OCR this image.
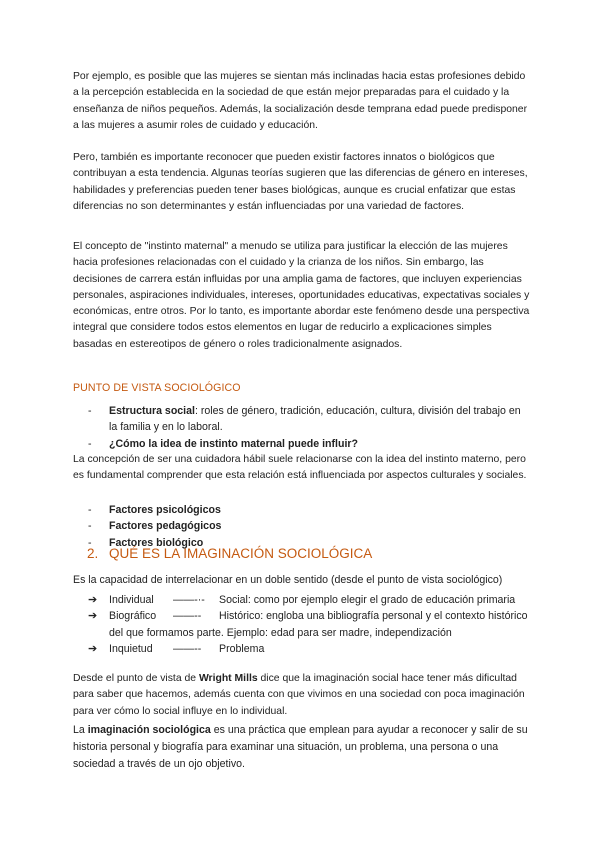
Por ejemplo, es posible que las mujeres se sientan más inclinadas hacia estas profesiones debido a la percepción establecida en la sociedad de que están mejor preparadas para el cuidado y la enseñanza de niños pequeños. Además, la socialización desde temprana edad puede predisponer a las mujeres a asumir roles de cuidado y educación.

Pero, también es importante reconocer que pueden existir factores innatos o biológicos que contribuyan a esta tendencia. Algunas teorías sugieren que las diferencias de género en intereses, habilidades y preferencias pueden tener bases biológicas, aunque es crucial enfatizar que estas diferencias no son determinantes y están influenciadas por una variedad de factores.

El concepto de "instinto maternal" a menudo se utiliza para justificar la elección de las mujeres hacia profesiones relacionadas con el cuidado y la crianza de los niños. Sin embargo, las decisiones de carrera están influidas por una amplia gama de factores, que incluyen experiencias personales, aspiraciones individuales, intereses, oportunidades educativas, expectativas sociales y económicas, entre otros. Por lo tanto, es importante abordar este fenómeno desde una perspectiva integral que considere todos estos elementos en lugar de reducirlo a explicaciones simples basadas en estereotipos de género o roles tradicionalmente asignados.

PUNTO DE VISTA SOCIOLÓGICO
- Estructura social: roles de género, tradición, educación, cultura, división del trabajo en la familia y en lo laboral.
- ¿Cómo la idea de instinto maternal puede influir?

La concepción de ser una cuidadora hábil suele relacionarse con la idea del instinto materno, pero es fundamental comprender que esta relación está influenciada por aspectos culturales y sociales.

- Factores psicológicos
- Factores pedagógicos
- Factores biológico
2. QUÉ ES LA IMAGINACIÓN SOCIOLÓGICA

Es la capacidad de interrelacionar en un doble sentido (desde el punto de vista sociológico)

➔ Individual ——-·- Social: como por ejemplo elegir el grado de educación primaria
➔ Biográfico ——-- Histórico: engloba una bibliografía personal y el contexto histórico del que formamos parte. Ejemplo: edad para ser madre, independización
➔ Inquietud ——-- Problema

Desde el punto de vista de Wright Mills dice que la imaginación social hace tener más dificultad para saber que hacemos, además cuenta con que vivimos en una sociedad con poca imaginación para ver cómo lo social influye en lo individual.

La imaginación sociológica es una práctica que emplean para ayudar a reconocer y salir de su historia personal y biografía para examinar una situación, un problema, una persona o una sociedad a través de un ojo objetivo.
